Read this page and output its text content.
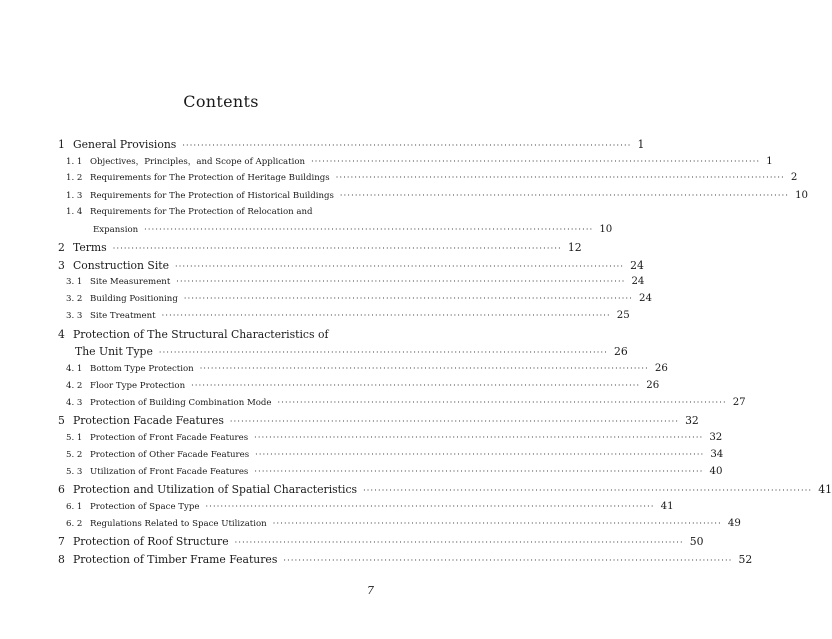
Contents
1 General Provisions ························································································································ 1
1. 1 Objectives，Principles，and Scope of Application ························································································································ 1
1. 2 Requirements for The Protection of Heritage Buildings ························································································································ 2
1. 3 Requirements for The Protection of Historical Buildings ························································································································ 10
1. 4 Requirements for The Protection of Relocation and
Expansion ························································································································ 10
2 Terms ························································································································ 12
3 Construction Site ························································································································ 24
3. 1 Site Measurement ························································································································ 24
3. 2 Building Positioning ························································································································ 24
3. 3 Site Treatment ························································································································ 25
4 Protection of The Structural Characteristics of
The Unit Type ························································································································ 26
4. 1 Bottom Type Protection ························································································································ 26
4. 2 Floor Type Protection ························································································································ 26
4. 3 Protection of Building Combination Mode ························································································································ 27
5 Protection Facade Features ························································································································ 32
5. 1 Protection of Front Facade Features ························································································································ 32
5. 2 Protection of Other Facade Features ························································································································ 34
5. 3 Utilization of Front Facade Features ························································································································ 40
6 Protection and Utilization of Spatial Characteristics ························································································································ 41
6. 1 Protection of Space Type ························································································································ 41
6. 2 Regulations Related to Space Utilization ························································································································ 49
7 Protection of Roof Structure ························································································································ 50
8 Protection of Timber Frame Features ························································································································ 52
7
